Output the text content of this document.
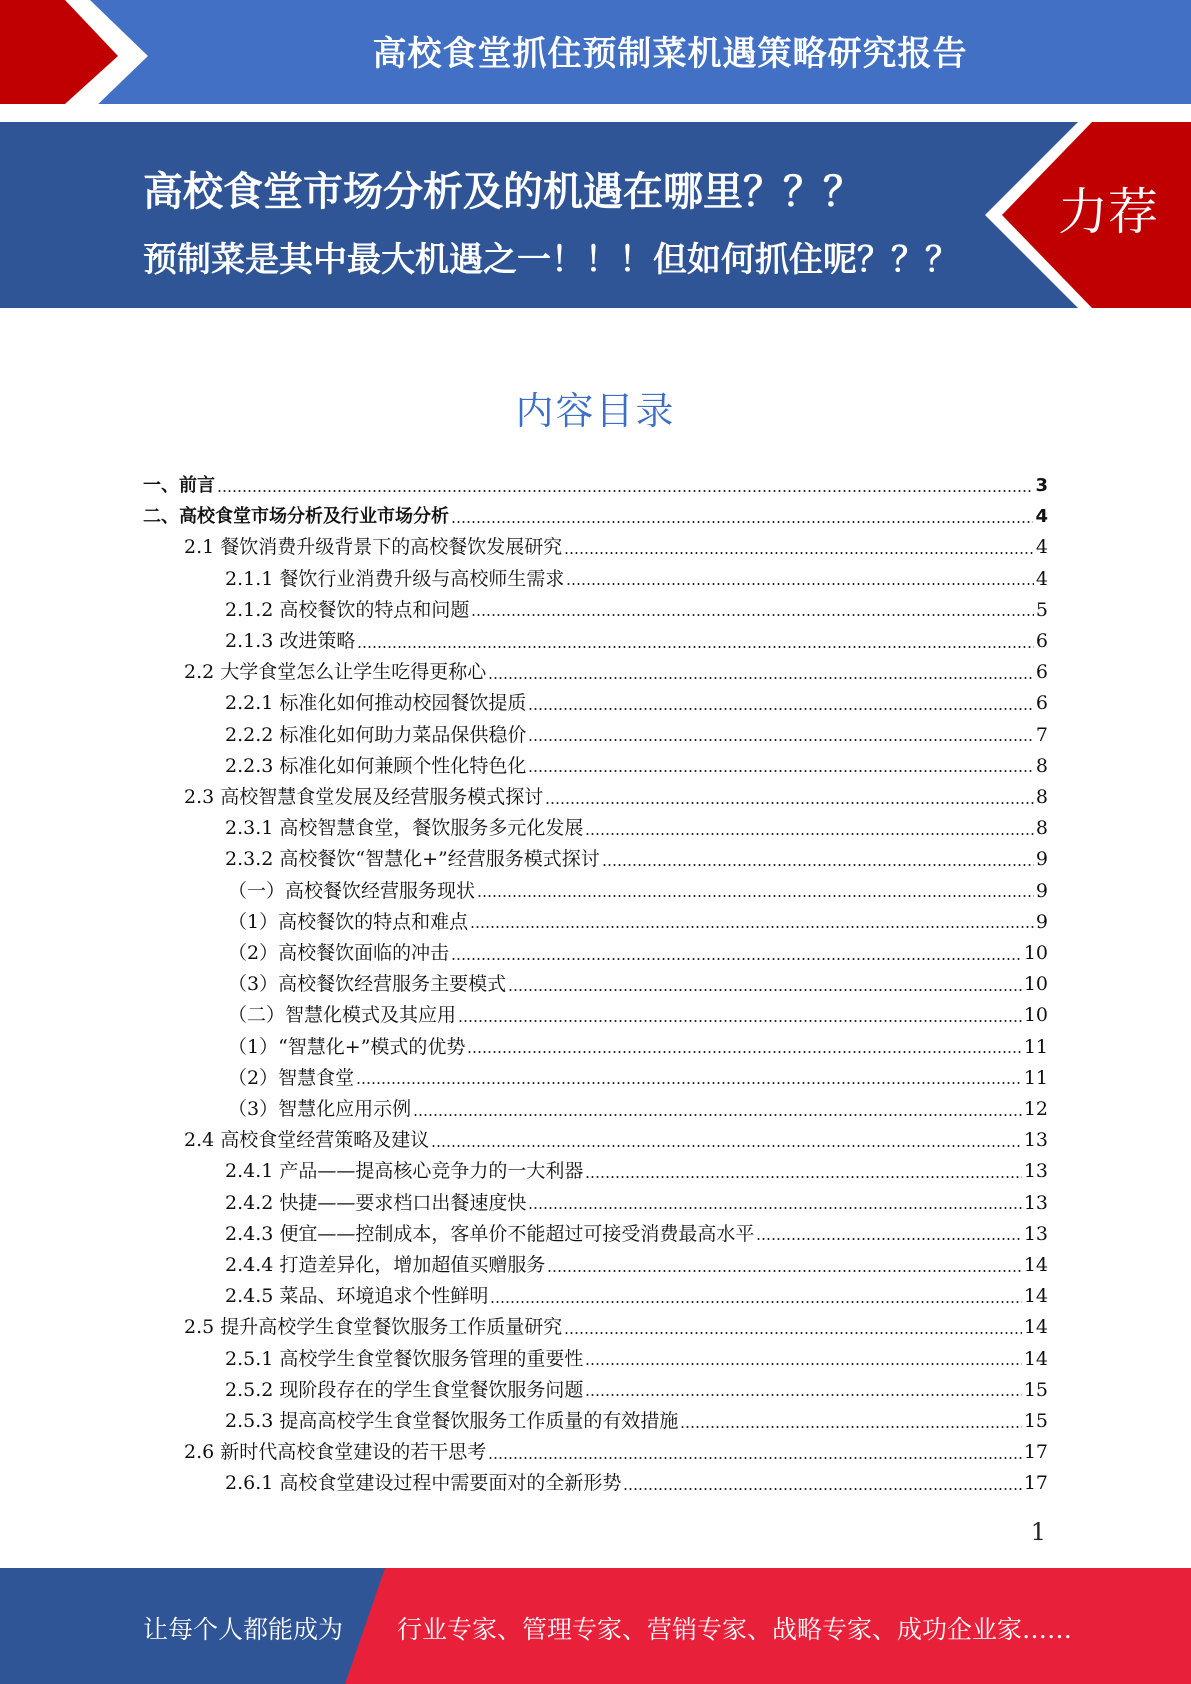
高校食堂抓住预制菜机遇策略研究报告
高校食堂市场分析及的机遇在哪里？？？
预制菜是其中最大机遇之一！！！但如何抓住呢？？？
力荐
内容目录
一、前言	3
二、高校食堂市场分析及行业市场分析	4
2.1 餐饮消费升级背景下的高校餐饮发展研究	4
2.1.1 餐饮行业消费升级与高校师生需求	4
2.1.2 高校餐饮的特点和问题	5
2.1.3 改进策略	6
2.2 大学食堂怎么让学生吃得更称心	6
2.2.1 标准化如何推动校园餐饮提质	6
2.2.2 标准化如何助力菜品保供稳价	7
2.2.3 标准化如何兼顾个性化特色化	8
2.3 高校智慧食堂发展及经营服务模式探讨	8
2.3.1 高校智慧食堂，餐饮服务多元化发展	8
2.3.2 高校餐饮“智慧化+”经营服务模式探讨	9
（一）高校餐饮经营服务现状	9
（1）高校餐饮的特点和难点	9
（2）高校餐饮面临的冲击	10
（3）高校餐饮经营服务主要模式	10
（二）智慧化模式及其应用	10
（1）“智慧化+”模式的优势	11
（2）智慧食堂	11
（3）智慧化应用示例	12
2.4 高校食堂经营策略及建议	13
2.4.1 产品——提高核心竞争力的一大利器	13
2.4.2 快捷——要求档口出餐速度快	13
2.4.3 便宜——控制成本，客单价不能超过可接受消费最高水平	13
2.4.4 打造差异化，增加超值买赠服务	14
2.4.5 菜品、环境追求个性鲜明	14
2.5 提升高校学生食堂餐饮服务工作质量研究	14
2.5.1 高校学生食堂餐饮服务管理的重要性	14
2.5.2 现阶段存在的学生食堂餐饮服务问题	15
2.5.3 提高高校学生食堂餐饮服务工作质量的有效措施	15
2.6 新时代高校食堂建设的若干思考	17
2.6.1 高校食堂建设过程中需要面对的全新形势	17
1
让每个人都能成为 行业专家、管理专家、营销专家、战略专家、成功企业家……
